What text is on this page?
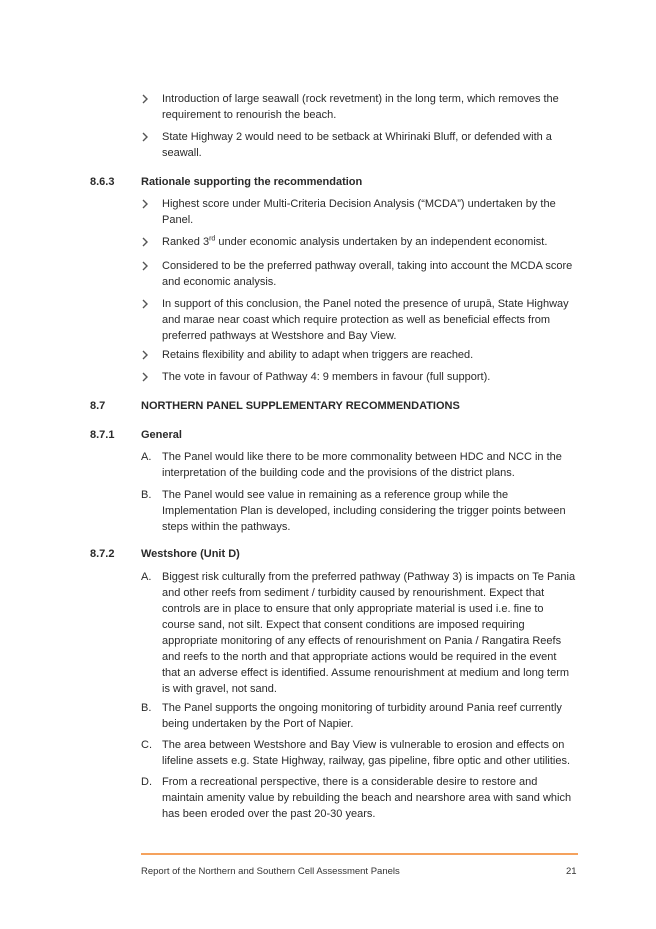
Introduction of large seawall (rock revetment) in the long term, which removes the requirement to renourish the beach.

State Highway 2 would need to be setback at Whirinaki Bluff, or defended with a seawall.

8.6.3 Rationale supporting the recommendation

Highest score under Multi-Criteria Decision Analysis (“MCDA”) undertaken by the Panel.

Ranked 3rd under economic analysis undertaken by an independent economist.

Considered to be the preferred pathway overall, taking into account the MCDA score and economic analysis.

In support of this conclusion, the Panel noted the presence of urupā, State Highway and marae near coast which require protection as well as beneficial effects from preferred pathways at Westshore and Bay View.

Retains flexibility and ability to adapt when triggers are reached.

The vote in favour of Pathway 4: 9 members in favour (full support).

8.7	NORTHERN PANEL SUPPLEMENTARY RECOMMENDATIONS
8.7.1 General
A. The Panel would like there to be more commonality between HDC and NCC in the interpretation of the building code and the provisions of the district plans.

B. The Panel would see value in remaining as a reference group while the Implementation Plan is developed, including considering the trigger points between steps within the pathways.

8.7.2 Westshore (Unit D)
A. Biggest risk culturally from the preferred pathway (Pathway 3) is impacts on Te Pania and other reefs from sediment / turbidity caused by renourishment. Expect that controls are in place to ensure that only appropriate material is used i.e. fine to course sand, not silt. Expect that consent conditions are imposed requiring appropriate monitoring of any effects of renourishment on Pania / Rangatira Reefs and reefs to the north and that appropriate actions would be required in the event that an adverse effect is identified. Assume renourishment at medium and long term is with gravel, not sand.

B. The Panel supports the ongoing monitoring of turbidity around Pania reef currently being undertaken by the Port of Napier.

C. The area between Westshore and Bay View is vulnerable to erosion and effects on lifeline assets e.g. State Highway, railway, gas pipeline, fibre optic and other utilities.

D. From a recreational perspective, there is a considerable desire to restore and maintain amenity value by rebuilding the beach and nearshore area with sand which has been eroded over the past 20-30 years.

Report of the Northern and Southern Cell Assessment Panels	21
